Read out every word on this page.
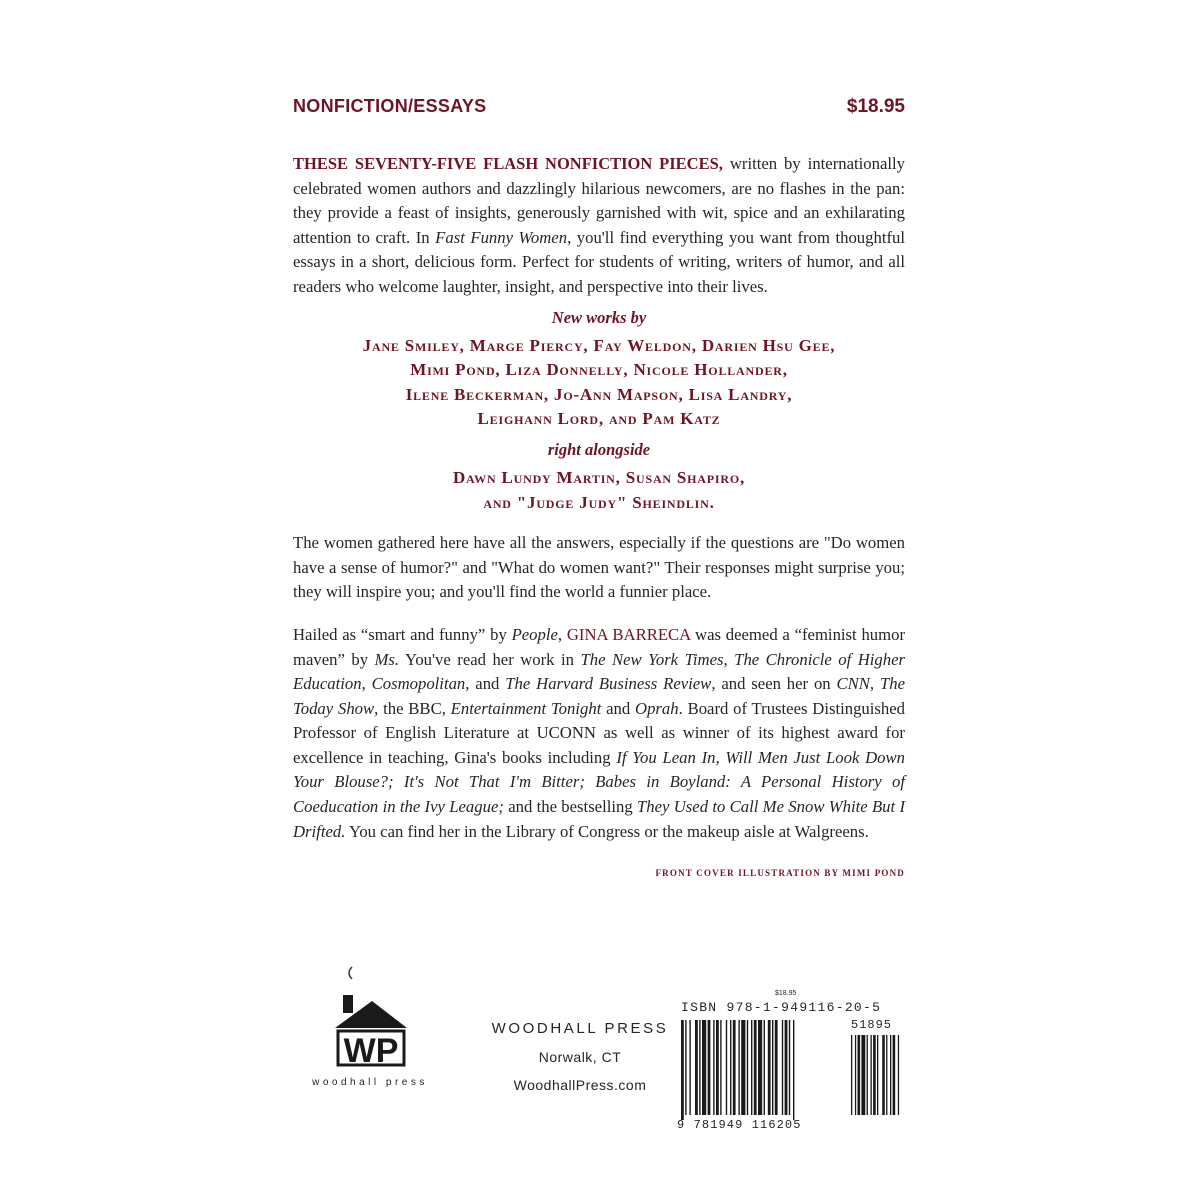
NONFICTION/ESSAYS	$18.95

THESE SEVENTY-FIVE FLASH NONFICTION PIECES, written by internationally celebrated women authors and dazzlingly hilarious newcomers, are no flashes in the pan: they provide a feast of insights, generously garnished with wit, spice and an exhilarating attention to craft. In Fast Funny Women, you'll find everything you want from thoughtful essays in a short, delicious form. Perfect for students of writing, writers of humor, and all readers who welcome laughter, insight, and perspective into their lives.

New works by
Jane Smiley, Marge Piercy, Fay Weldon, Darien Hsu Gee,
Mimi Pond, Liza Donnelly, Nicole Hollander,
Ilene Beckerman, Jo-Ann Mapson, Lisa Landry,
Leighann Lord, and Pam Katz
right alongside
Dawn Lundy Martin, Susan Shapiro,
and "Judge Judy" Sheindlin.

The women gathered here have all the answers, especially if the questions are "Do women have a sense of humor?" and "What do women want?" Their responses might surprise you; they will inspire you; and you'll find the world a funnier place.

Hailed as “smart and funny” by People, GINA BARRECA was deemed a “feminist humor maven” by Ms. You've read her work in The New York Times, The Chronicle of Higher Education, Cosmopolitan, and The Harvard Business Review, and seen her on CNN, The Today Show, the BBC, Entertainment Tonight and Oprah. Board of Trustees Distinguished Professor of English Literature at UCONN as well as winner of its highest award for excellence in teaching, Gina's books including If You Lean In, Will Men Just Look Down Your Blouse?; It's Not That I'm Bitter; Babes in Boyland: A Personal History of Coeducation in the Ivy League; and the bestselling They Used to Call Me Snow White But I Drifted. You can find her in the Library of Congress or the makeup aisle at Walgreens.

FRONT COVER ILLUSTRATION BY MIMI POND
WP
woodhall press
WOODHALL PRESS
Norwalk, CT
WoodhallPress.com
$18.95
ISBN 978-1-949116-20-5
51895
9 781949 116205
